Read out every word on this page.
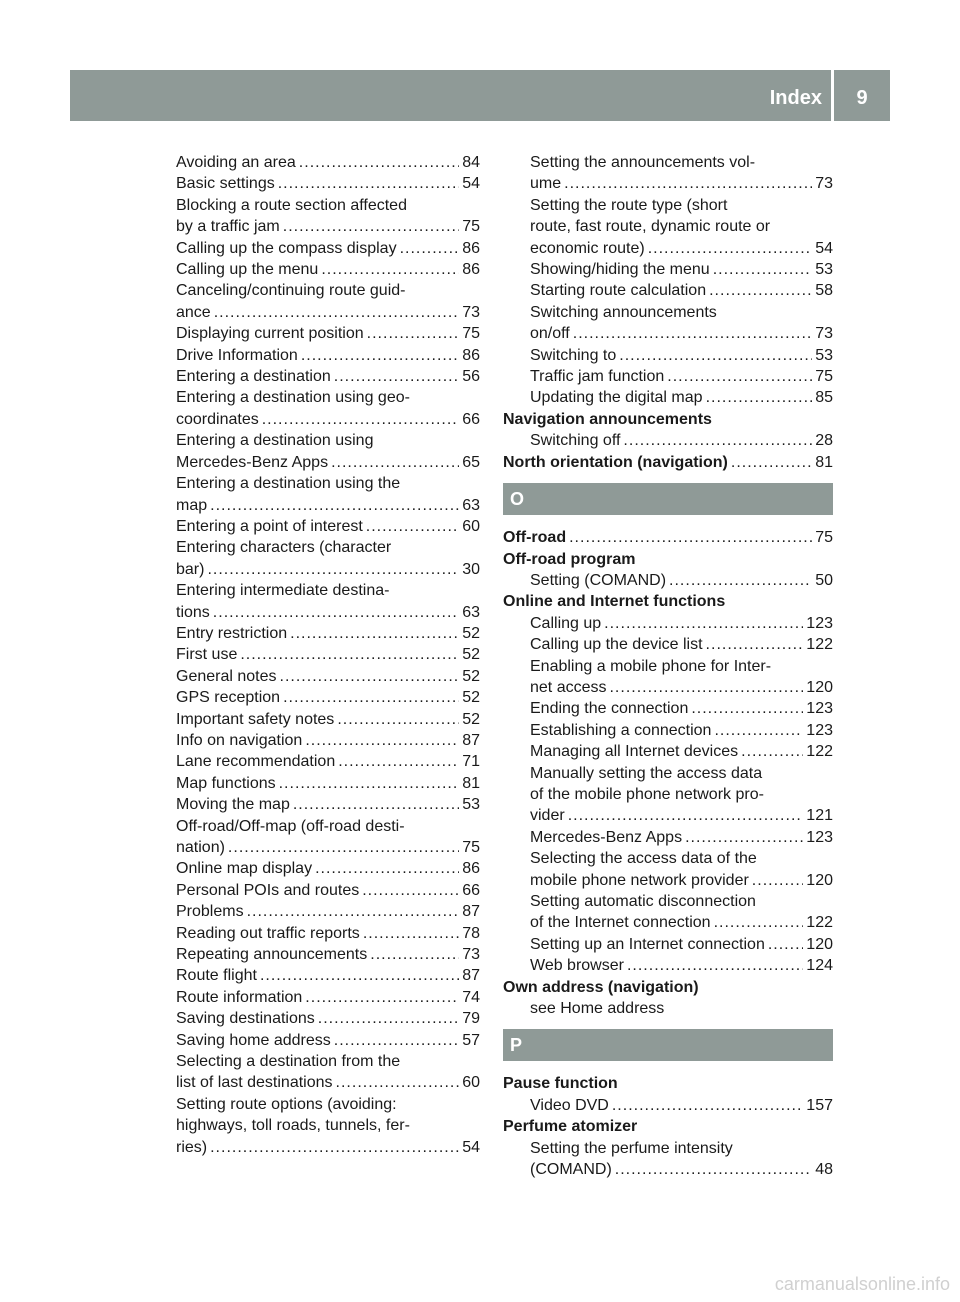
Index	9
Avoiding an area .....	84
Basic settings .....	54
Blocking a route section affected
by a traffic jam .....	75
Calling up the compass display .....	86
Calling up the menu .....	86
Canceling/continuing route guid-
ance .....	73
Displaying current position .....	75
Drive Information .....	86
Entering a destination .....	56
Entering a destination using geo-
coordinates .....	66
Entering a destination using
Mercedes-Benz Apps .....	65
Entering a destination using the
map .....	63
Entering a point of interest .....	60
Entering characters (character
bar) .....	30
Entering intermediate destina-
tions .....	63
Entry restriction .....	52
First use .....	52
General notes .....	52
GPS reception .....	52
Important safety notes .....	52
Info on navigation .....	87
Lane recommendation .....	71
Map functions .....	81
Moving the map .....	53
Off-road/Off-map (off-road desti-
nation) .....	75
Online map display .....	86
Personal POIs and routes .....	66
Problems .....	87
Reading out traffic reports .....	78
Repeating announcements .....	73
Route flight .....	87
Route information .....	74
Saving destinations .....	79
Saving home address .....	57
Selecting a destination from the
list of last destinations .....	60
Setting route options (avoiding:
highways, toll roads, tunnels, fer-
ries) .....	54
Setting the announcements vol-
ume .....	73
Setting the route type (short
route, fast route, dynamic route or
economic route) .....	54
Showing/hiding the menu .....	53
Starting route calculation .....	58
Switching announcements
on/off .....	73
Switching to .....	53
Traffic jam function .....	75
Updating the digital map .....	85
Navigation announcements
Switching off .....	28
North orientation (navigation) .....	81
O
Off-road .....	75
Off-road program
Setting (COMAND) .....	50
Online and Internet functions
Calling up .....	123
Calling up the device list .....	122
Enabling a mobile phone for Inter-
net access .....	120
Ending the connection .....	123
Establishing a connection .....	123
Managing all Internet devices .....	122
Manually setting the access data
of the mobile phone network pro-
vider .....	121
Mercedes-Benz Apps .....	123
Selecting the access data of the
mobile phone network provider .....	120
Setting automatic disconnection
of the Internet connection .....	122
Setting up an Internet connection .....	120
Web browser .....	124
Own address (navigation)
see Home address
P
Pause function
Video DVD .....	157
Perfume atomizer
Setting the perfume intensity
(COMAND) .....	48
carmanualsonline.info
